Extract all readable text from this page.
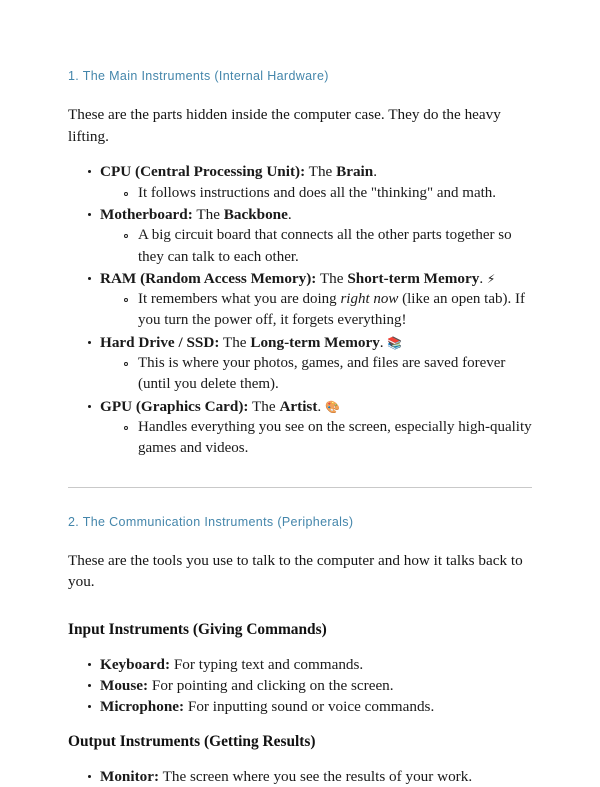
1. The Main Instruments (Internal Hardware)

These are the parts hidden inside the computer case. They do the heavy lifting.

CPU (Central Processing Unit): The Brain.
It follows instructions and does all the "thinking" and math.
Motherboard: The Backbone.
A big circuit board that connects all the other parts together so they can talk to each other.
RAM (Random Access Memory): The Short-term Memory. ⚡
It remembers what you are doing right now (like an open tab). If you turn the power off, it forgets everything!
Hard Drive / SSD: The Long-term Memory. 📚
This is where your photos, games, and files are saved forever (until you delete them).
GPU (Graphics Card): The Artist. 🎨
Handles everything you see on the screen, especially high-quality games and videos.
2. The Communication Instruments (Peripherals)

These are the tools you use to talk to the computer and how it talks back to you.

Input Instruments (Giving Commands)
Keyboard: For typing text and commands.
Mouse: For pointing and clicking on the screen.
Microphone: For inputting sound or voice commands.
Output Instruments (Getting Results)
Monitor: The screen where you see the results of your work.
